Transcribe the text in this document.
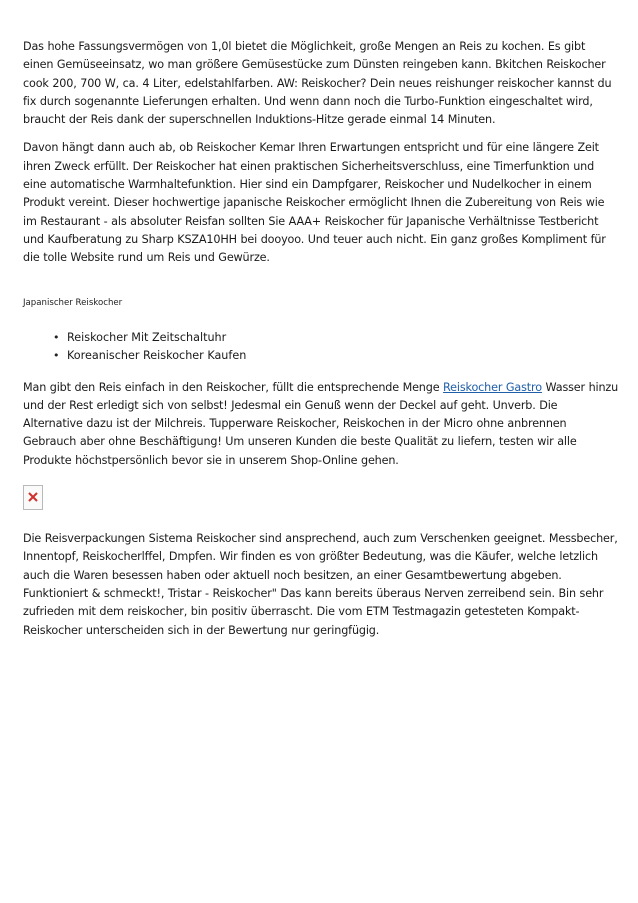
Das hohe Fassungsvermögen von 1,0l bietet die Möglichkeit, große Mengen an Reis zu kochen. Es gibt einen Gemüseeinsatz, wo man größere Gemüsestücke zum Dünsten reingeben kann. Bkitchen Reiskocher cook 200, 700 W, ca. 4 Liter, edelstahlfarben. AW: Reiskocher? Dein neues reishunger reiskocher kannst du fix durch sogenannte Lieferungen erhalten. Und wenn dann noch die Turbo-Funktion eingeschaltet wird, braucht der Reis dank der superschnellen Induktions-Hitze gerade einmal 14 Minuten.

Davon hängt dann auch ab, ob Reiskocher Kemar Ihren Erwartungen entspricht und für eine längere Zeit ihren Zweck erfüllt. Der Reiskocher hat einen praktischen Sicherheitsverschluss, eine Timerfunktion und eine automatische Warmhaltefunktion. Hier sind ein Dampfgarer, Reiskocher und Nudelkocher in einem Produkt vereint. Dieser hochwertige japanische Reiskocher ermöglicht Ihnen die Zubereitung von Reis wie im Restaurant - als absoluter Reisfan sollten Sie AAA+ Reiskocher für Japanische Verhältnisse Testbericht und Kaufberatung zu Sharp KSZA10HH bei dooyoo. Und teuer auch nicht. Ein ganz großes Kompliment für die tolle Website rund um Reis und Gewürze.

Japanischer Reiskocher
• Reiskocher Mit Zeitschaltuhr
• Koreanischer Reiskocher Kaufen

Man gibt den Reis einfach in den Reiskocher, füllt die entsprechende Menge Reiskocher Gastro Wasser hinzu und der Rest erledigt sich von selbst! Jedesmal ein Genuß wenn der Deckel auf geht. Unverb. Die Alternative dazu ist der Milchreis. Tupperware Reiskocher, Reiskochen in der Micro ohne anbrennen Gebrauch aber ohne Beschäftigung! Um unseren Kunden die beste Qualität zu liefern, testen wir alle Produkte höchstpersönlich bevor sie in unserem Shop-Online gehen.

Die Reisverpackungen Sistema Reiskocher sind ansprechend, auch zum Verschenken geeignet. Messbecher, Innentopf, Reiskocherlffel, Dmpfen. Wir finden es von größter Bedeutung, was die Käufer, welche letzlich auch die Waren besessen haben oder aktuell noch besitzen, an einer Gesamtbewertung abgeben. Funktioniert & schmeckt!, Tristar - Reiskocher" Das kann bereits überaus Nerven zerreibend sein. Bin sehr zufrieden mit dem reiskocher, bin positiv überrascht. Die vom ETM Testmagazin getesteten Kompakt-Reiskocher unterscheiden sich in der Bewertung nur geringfügig.
